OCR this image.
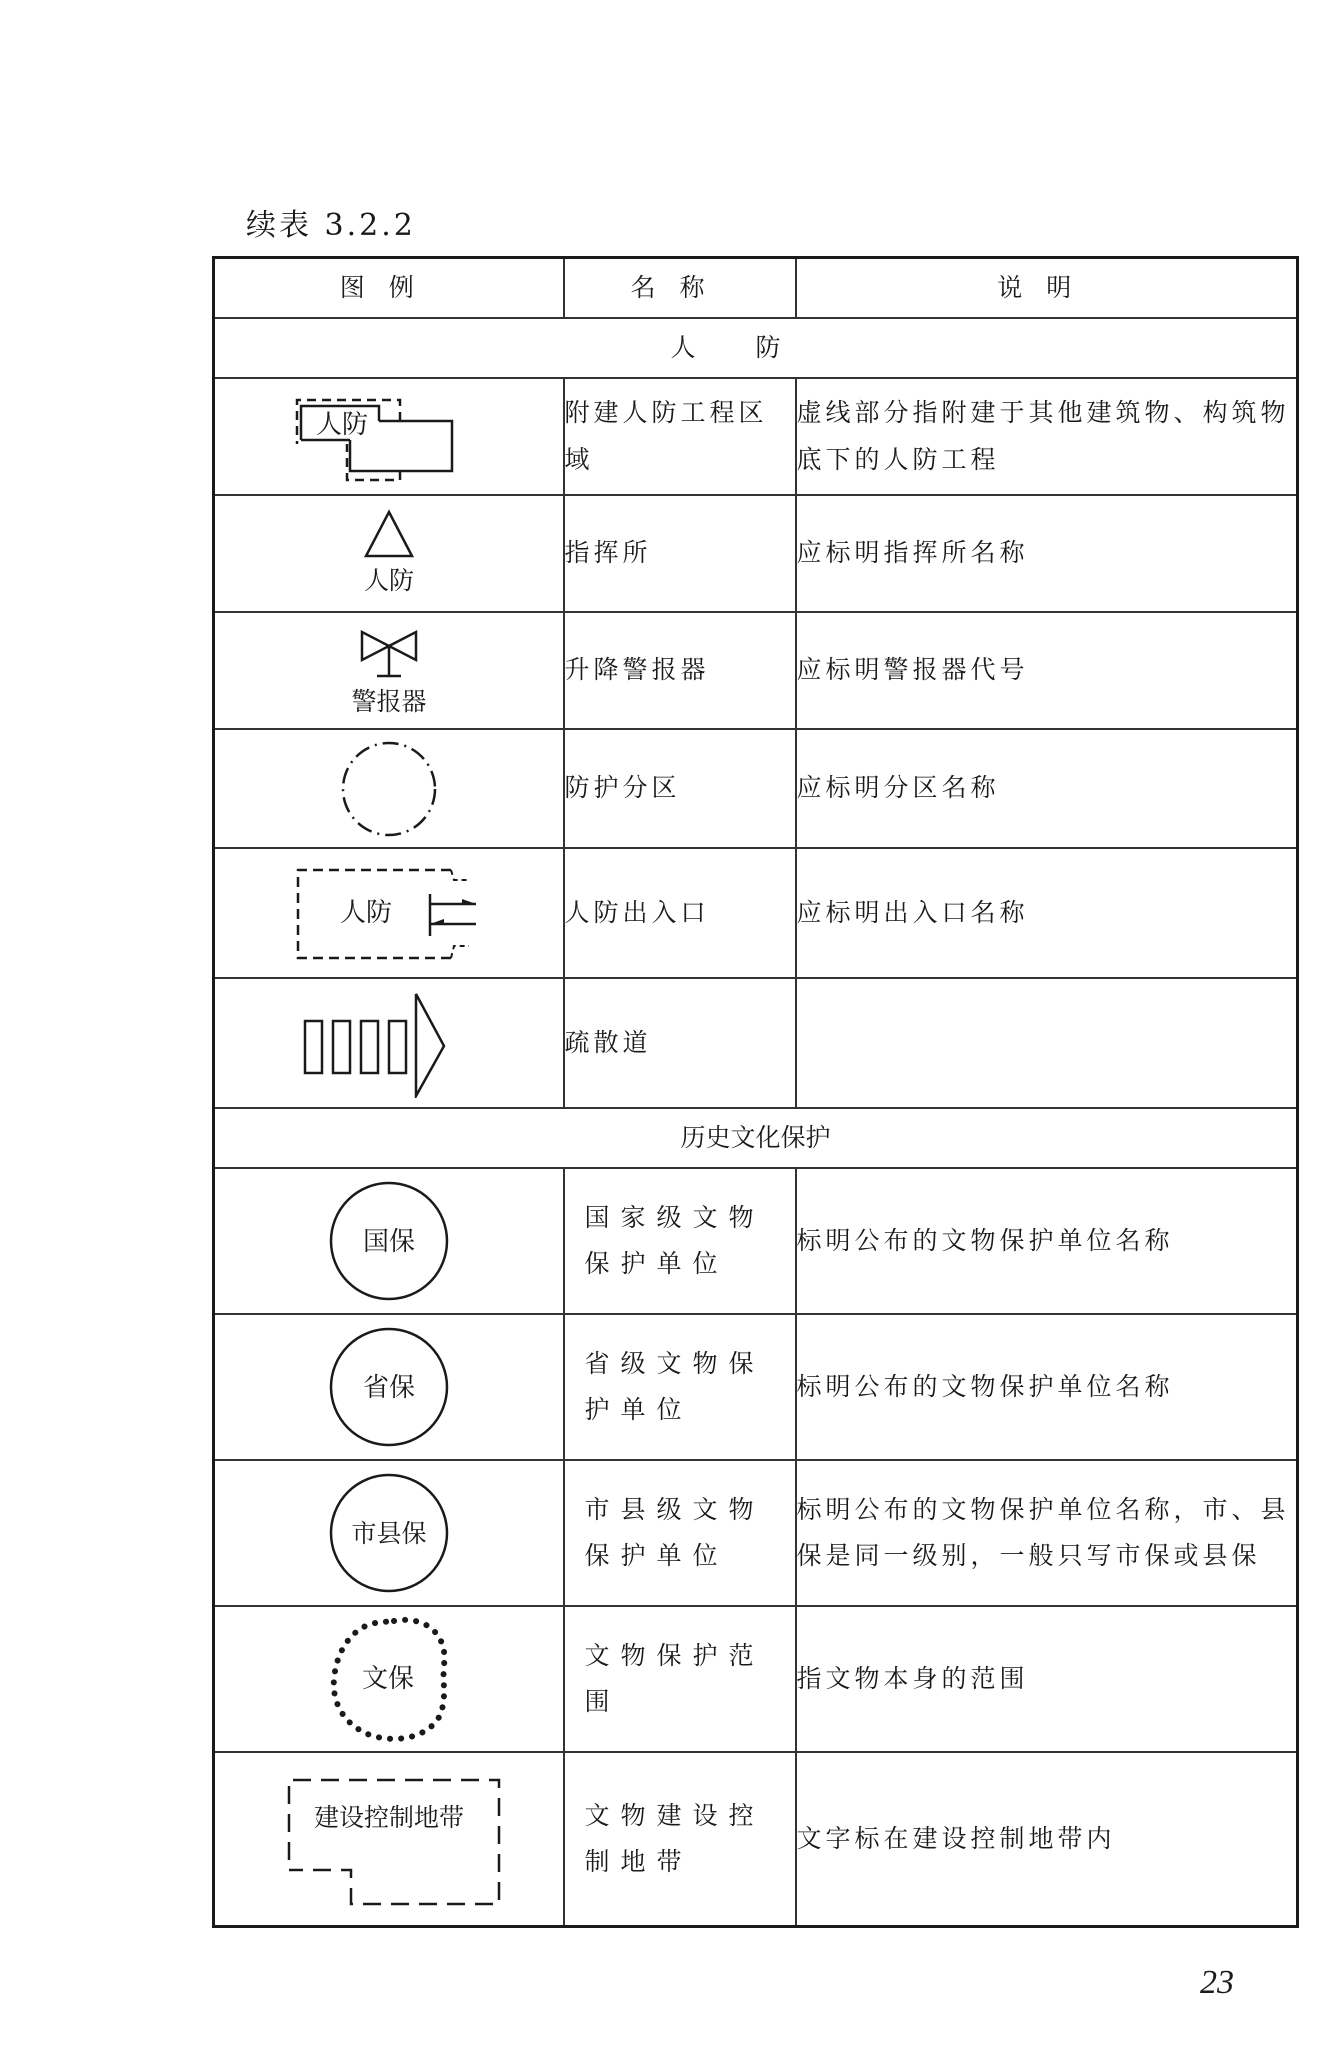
续表 3.2.2
图例	名称	说明
人防		

人防	附建人防工程区域	虚线部分指附建于其他建筑物、构筑物底下的人防工程

人防	指挥所	应标明指挥所名称

警报器	升降警报器	应标明警报器代号

	防护分区	应标明分区名称

人防	人防出入口	应标明出入口名称

	疏散道	
历史文化保护		

国保	国家级文物保护单位	标明公布的文物保护单位名称

省保	省级文物保护单位	标明公布的文物保护单位名称

市县保	市县级文物保护单位	标明公布的文物保护单位名称，市、县保是同一级别，一般只写市保或县保

文保	文物保护范围	指文物本身的范围

建设控制地带	文物建设控制地带	文字标在建设控制地带内
23
